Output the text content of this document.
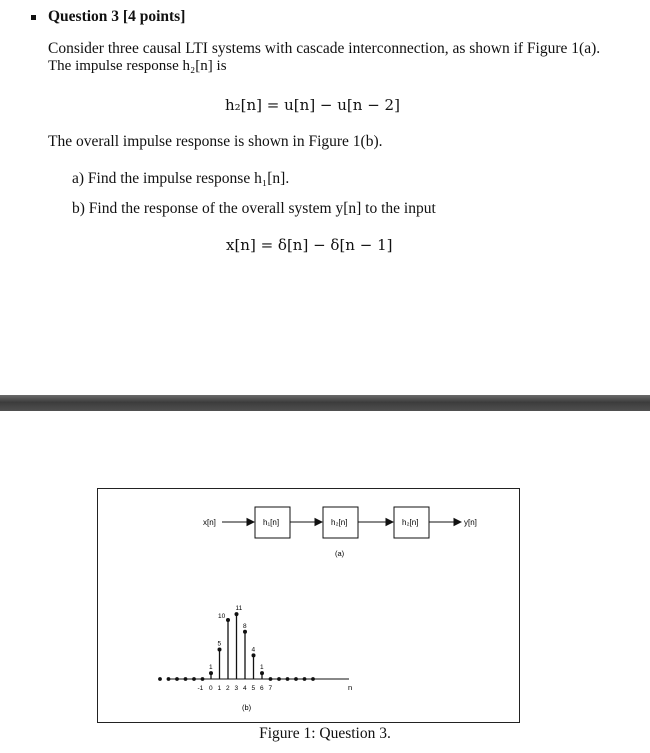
Question 3 [4 points]
Consider three causal LTI systems with cascade interconnection, as shown if Figure 1(a).
The impulse response h₂[n] is
h₂[n] = u[n] − u[n − 2]
The overall impulse response is shown in Figure 1(b).
a) Find the impulse response h₁[n].
b) Find the response of the overall system y[n] to the input
x[n] = δ[n] − δ[n − 1]
x[n]	h₁[n]	h₂[n]	h₂[n]	y[n]
(a)
1
5
10
11
8
4
1
-1 0 1 2 3 4 5 6 7	n
(b)
Figure 1: Question 3.
